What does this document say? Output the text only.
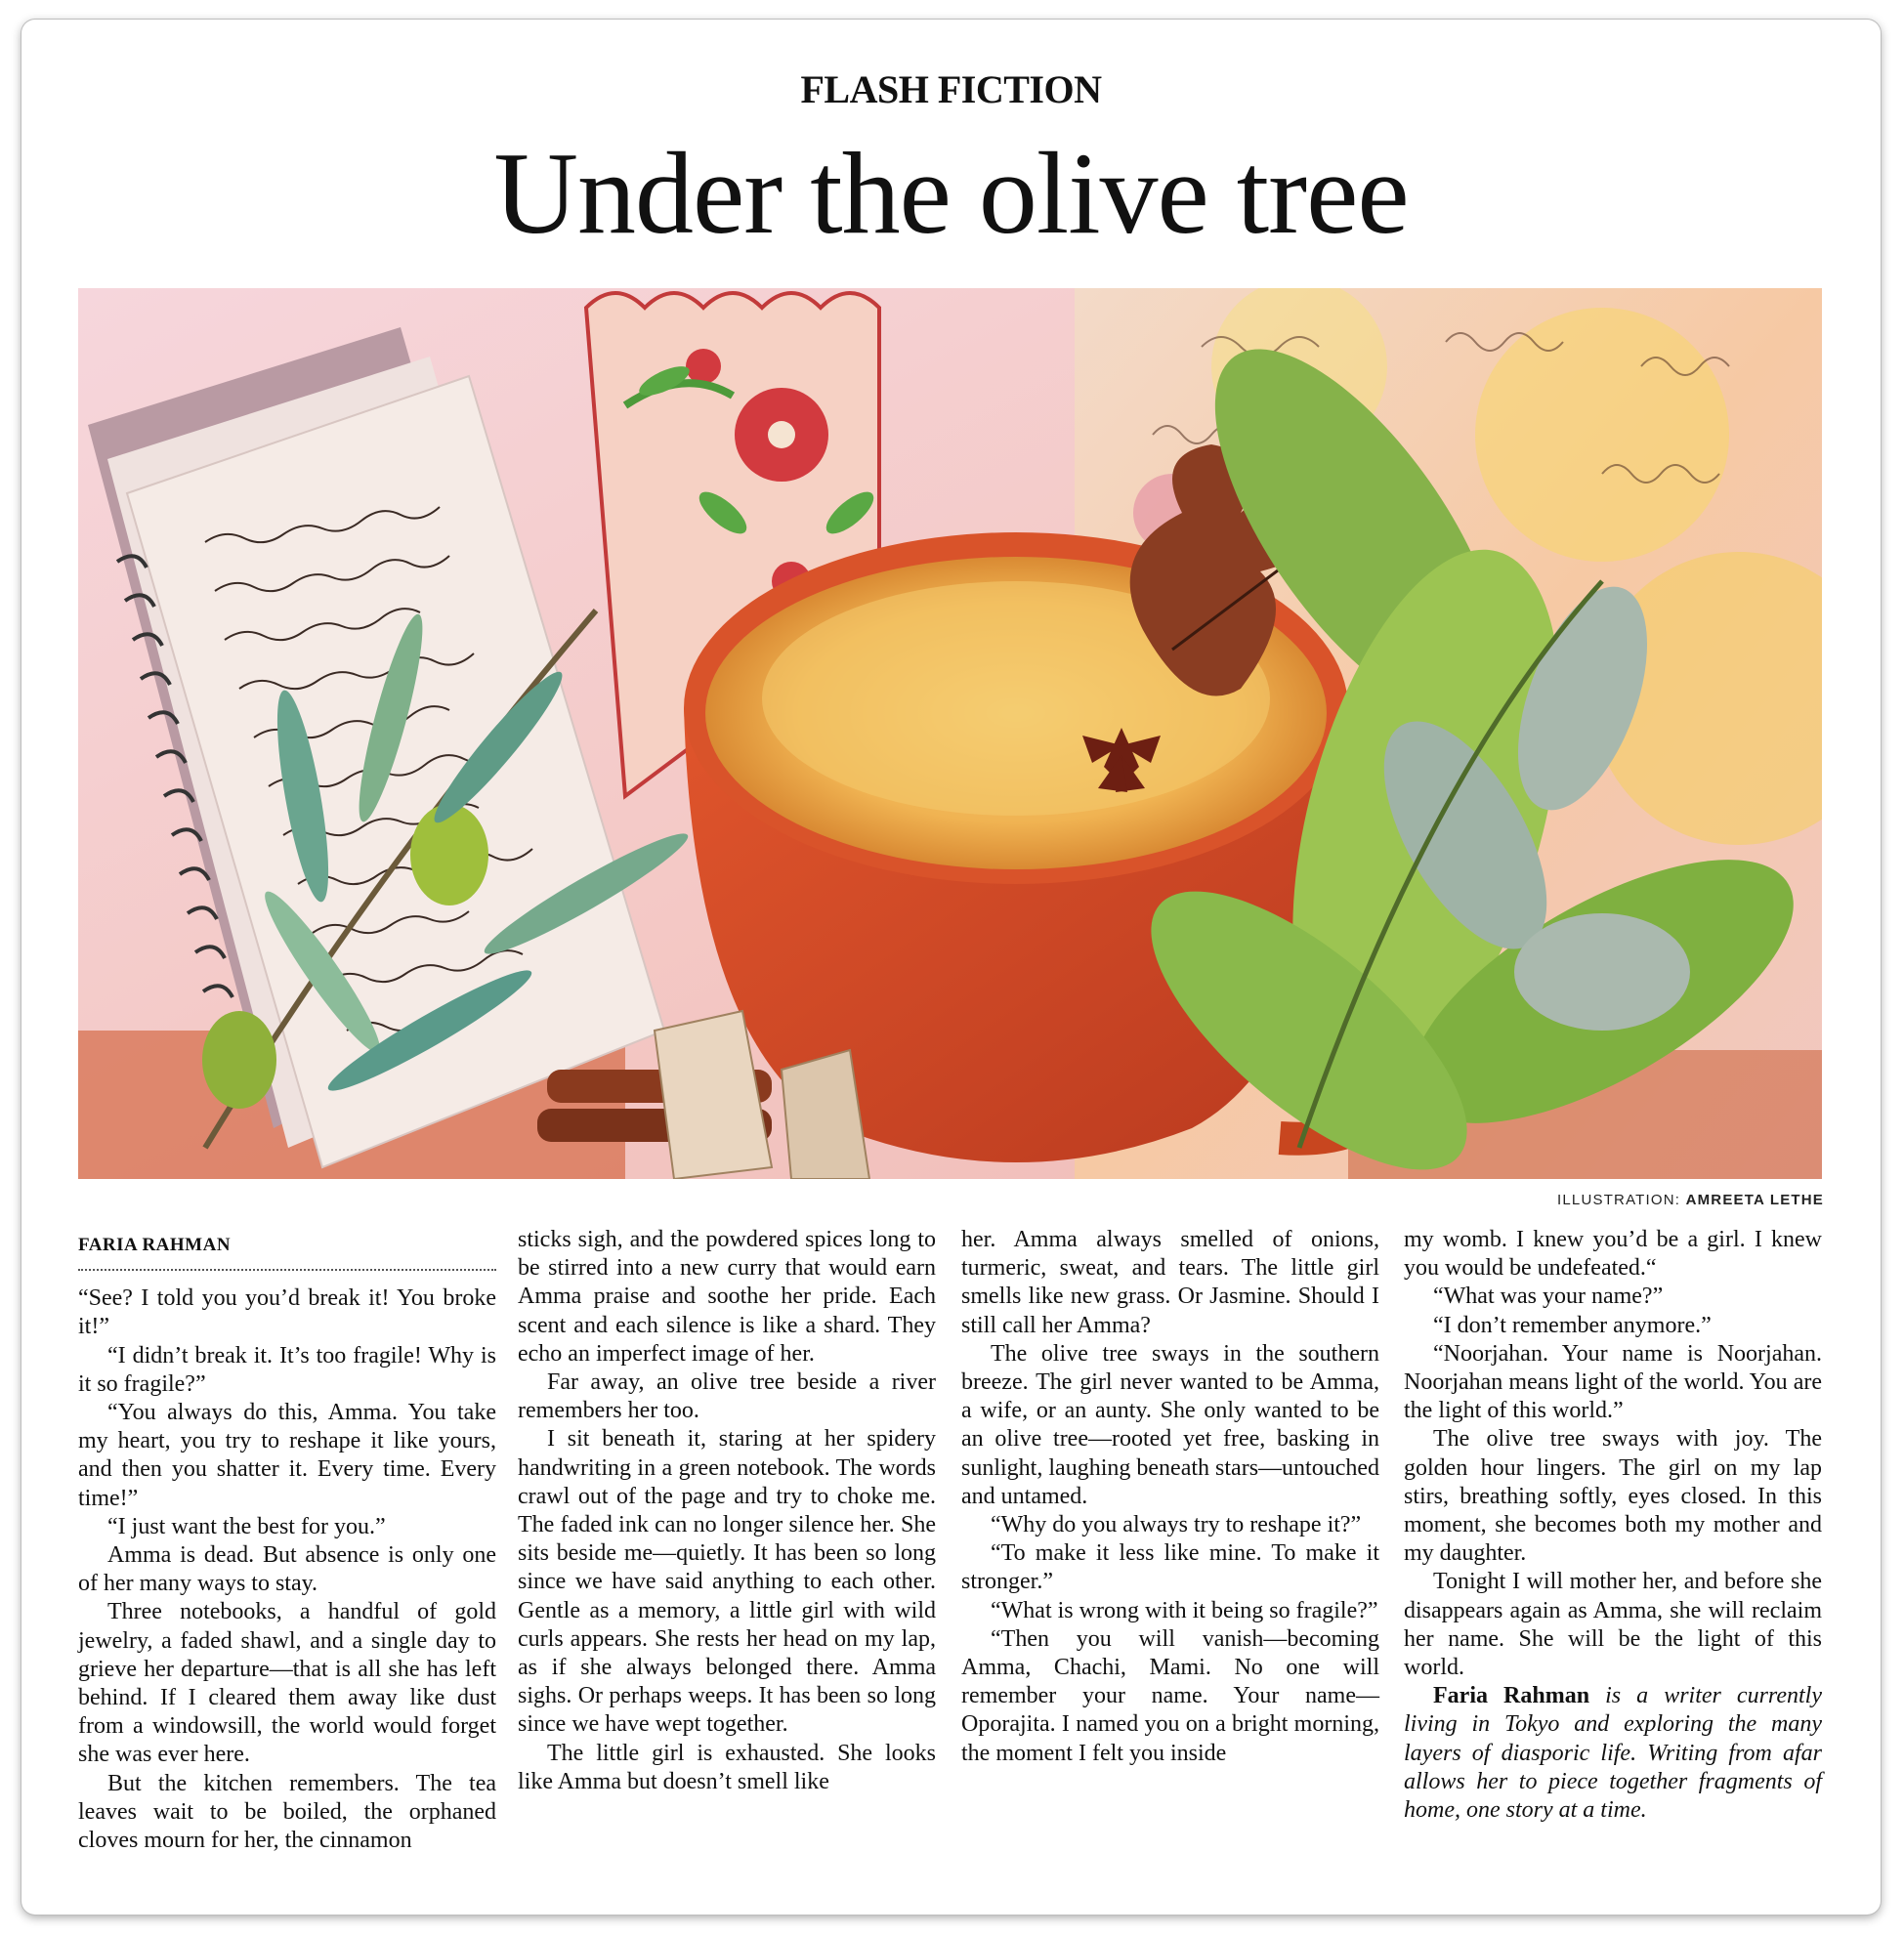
FLASH FICTION
Under the olive tree
ILLUSTRATION: AMREETA LETHE
FARIA RAHMAN

“See? I told you you’d break it! You broke it!”

“I didn’t break it. It’s too fragile! Why is it so fragile?”

“You always do this, Amma. You take my heart, you try to reshape it like yours, and then you shatter it. Every time. Every time!”

“I just want the best for you.”

Amma is dead. But absence is only one of her many ways to stay.

Three notebooks, a handful of gold jewelry, a faded shawl, and a single day to grieve her departure—that is all she has left behind. If I cleared them away like dust from a windowsill, the world would forget she was ever here.

But the kitchen remembers. The tea leaves wait to be boiled, the orphaned cloves mourn for her, the cinnamon

sticks sigh, and the powdered spices long to be stirred into a new curry that would earn Amma praise and soothe her pride. Each scent and each silence is like a shard. They echo an imperfect image of her.

Far away, an olive tree beside a river remembers her too.

I sit beneath it, staring at her spidery handwriting in a green notebook. The words crawl out of the page and try to choke me. The faded ink can no longer silence her. She sits beside me—quietly. It has been so long since we have said anything to each other. Gentle as a memory, a little girl with wild curls appears. She rests her head on my lap, as if she always belonged there. Amma sighs. Or perhaps weeps. It has been so long since we have wept together.

The little girl is exhausted. She looks like Amma but doesn’t smell like

her. Amma always smelled of onions, turmeric, sweat, and tears. The little girl smells like new grass. Or Jasmine. Should I still call her Amma?

The olive tree sways in the southern breeze. The girl never wanted to be Amma, a wife, or an aunty. She only wanted to be an olive tree—rooted yet free, basking in sunlight, laughing beneath stars—untouched and untamed.

“Why do you always try to reshape it?”

“To make it less like mine. To make it stronger.”

“What is wrong with it being so fragile?”

“Then you will vanish—becoming Amma, Chachi, Mami. No one will remember your name. Your name—Oporajita. I named you on a bright morning, the moment I felt you inside

my womb. I knew you’d be a girl. I knew you would be undefeated.“

“What was your name?”

“I don’t remember anymore.”

“Noorjahan. Your name is Noorjahan. Noorjahan means light of the world. You are the light of this world.”

The olive tree sways with joy. The golden hour lingers. The girl on my lap stirs, breathing softly, eyes closed. In this moment, she becomes both my mother and my daughter.

Tonight I will mother her, and before she disappears again as Amma, she will reclaim her name. She will be the light of this world.

Faria Rahman is a writer currently living in Tokyo and exploring the many layers of diasporic life. Writing from afar allows her to piece together fragments of home, one story at a time.
